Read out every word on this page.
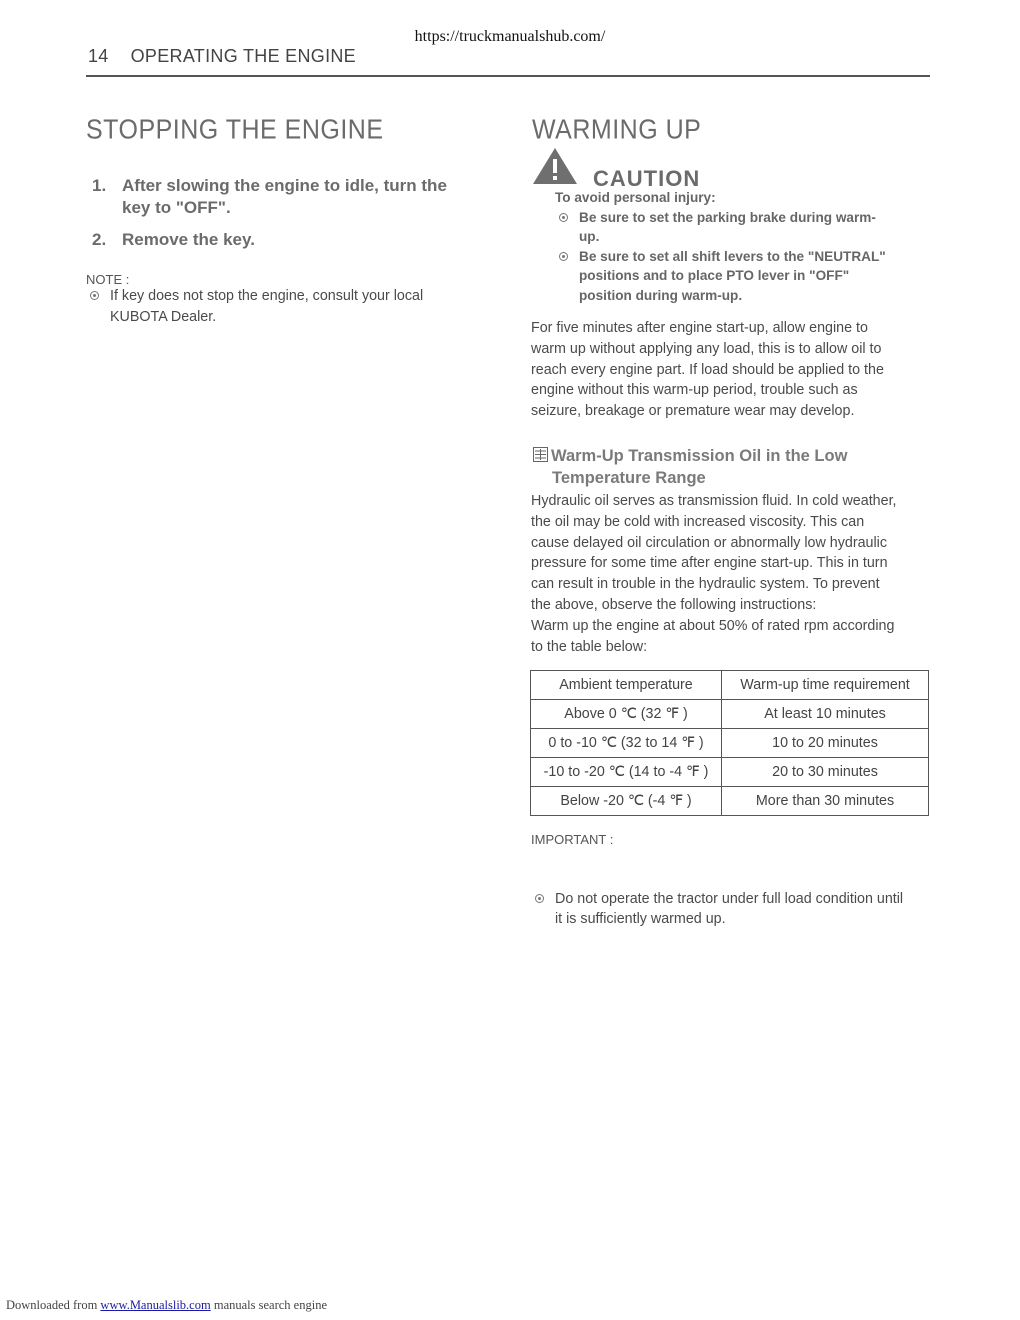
https://truckmanualshub.com/
14 OPERATING THE ENGINE
STOPPING THE ENGINE
1. After slowing the engine to idle, turn the
key to "OFF".
2. Remove the key.
NOTE :
If key does not stop the engine, consult your local
KUBOTA Dealer.
WARMING UP
CAUTION
To avoid personal injury:
Be sure to set the parking brake during warm-
up.
Be sure to set all shift levers to the "NEUTRAL"
positions and to place PTO lever in "OFF"
position during warm-up.
For five minutes after engine start-up, allow engine to
warm up without applying any load, this is to allow oil to
reach every engine part. If load should be applied to the
engine without this warm-up period, trouble such as
seizure, breakage or premature wear may develop.
Warm-Up Transmission Oil in the Low
Temperature Range
Hydraulic oil serves as transmission fluid. In cold weather,
the oil may be cold with increased viscosity. This can
cause delayed oil circulation or abnormally low hydraulic
pressure for some time after engine start-up. This in turn
can result in trouble in the hydraulic system. To prevent
the above, observe the following instructions:
Warm up the engine at about 50% of rated rpm according
to the table below:
Ambient temperature	Warm-up time requirement
Above 0 ℃ (32 ℉ )	At least 10 minutes
0 to -10 ℃ (32 to 14 ℉ )	10 to 20 minutes
-10 to -20 ℃ (14 to -4 ℉ )	20 to 30 minutes
Below -20 ℃ (-4 ℉ )	More than 30 minutes
IMPORTANT :
Do not operate the tractor under full load condition until
it is sufficiently warmed up.
Downloaded from www.Manualslib.com manuals search engine
